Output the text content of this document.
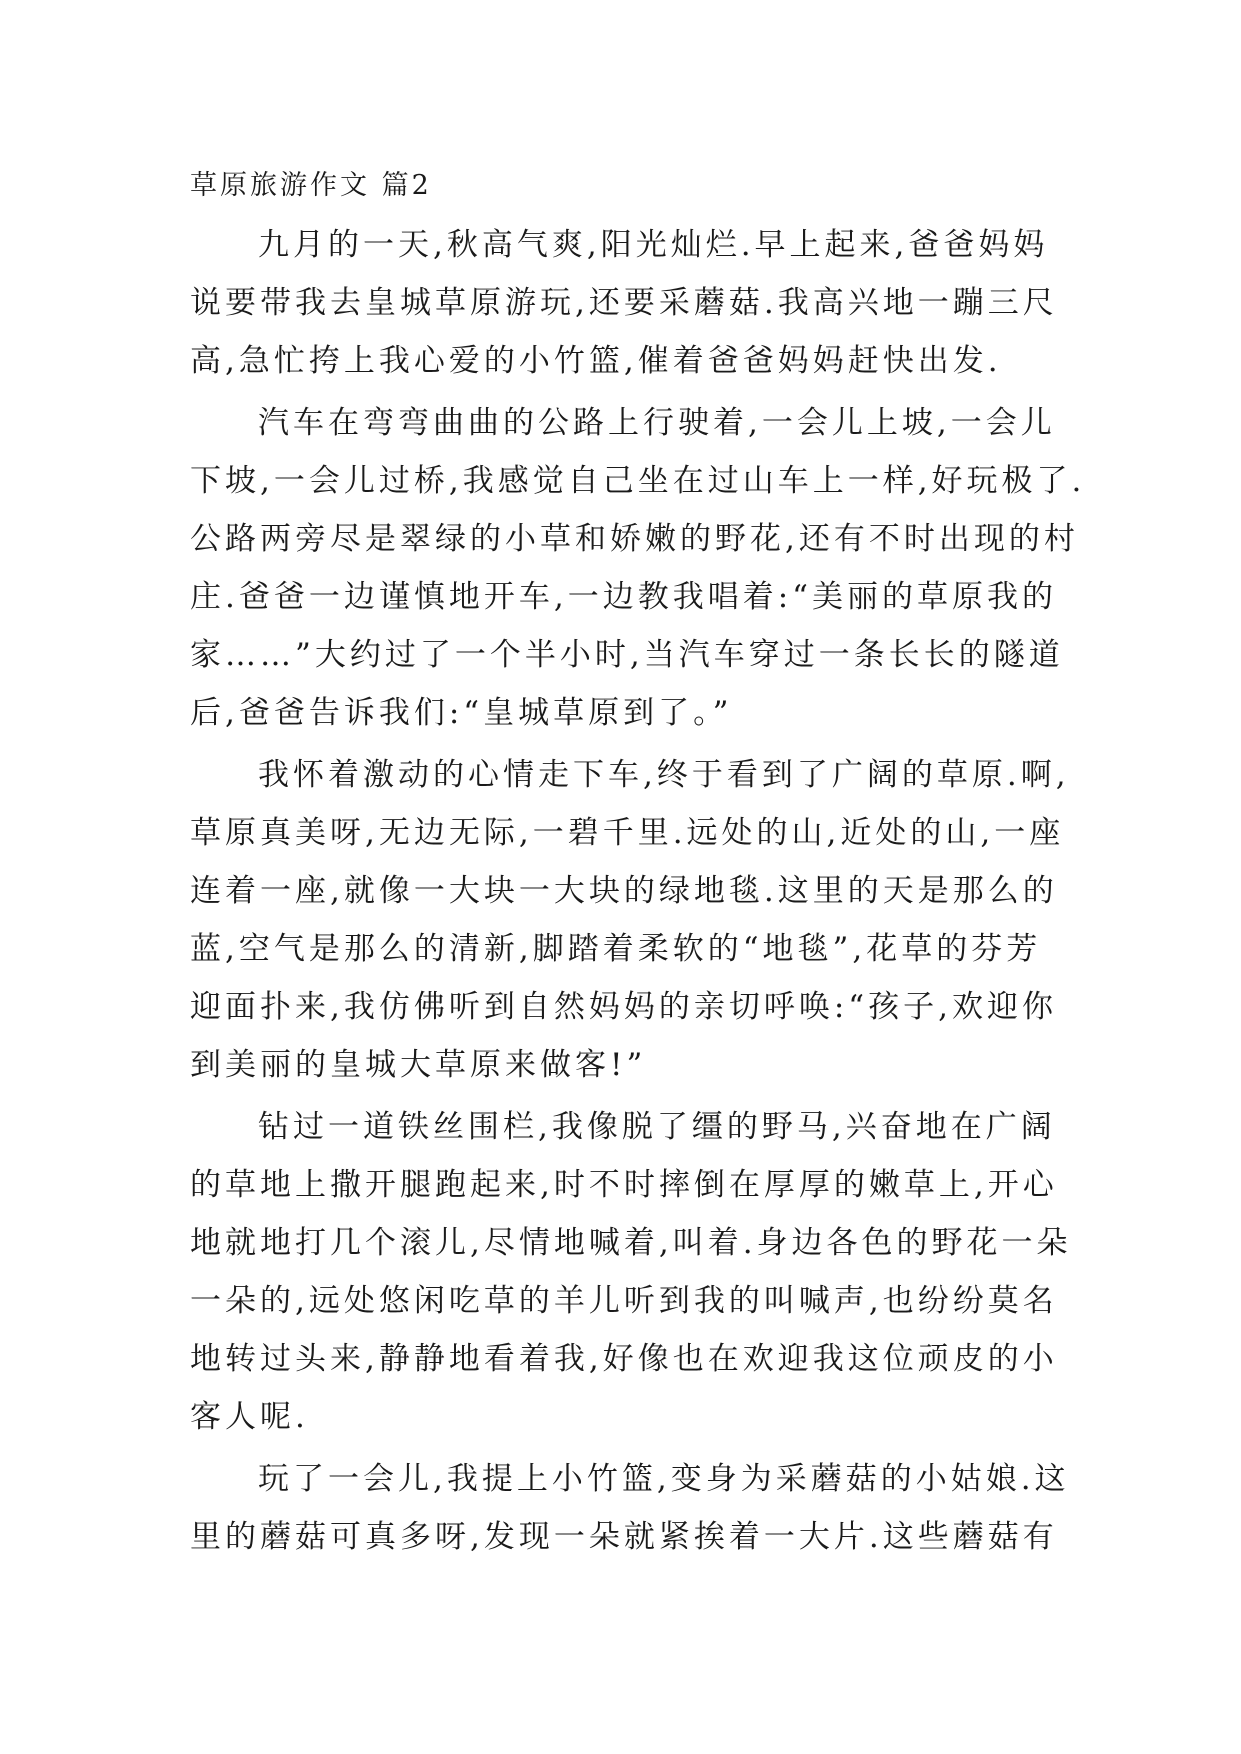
草原旅游作文 篇2

九月的一天,秋高气爽,阳光灿烂.早上起来,爸爸妈妈

说要带我去皇城草原游玩,还要采蘑菇.我高兴地一蹦三尺

高,急忙挎上我心爱的小竹篮,催着爸爸妈妈赶快出发.

汽车在弯弯曲曲的公路上行驶着,一会儿上坡,一会儿

下坡,一会儿过桥,我感觉自己坐在过山车上一样,好玩极了.

公路两旁尽是翠绿的小草和娇嫩的野花,还有不时出现的村

庄.爸爸一边谨慎地开车,一边教我唱着:“美丽的草原我的

家……”大约过了一个半小时,当汽车穿过一条长长的隧道

后,爸爸告诉我们:“皇城草原到了。”

我怀着激动的心情走下车,终于看到了广阔的草原.啊,

草原真美呀,无边无际,一碧千里.远处的山,近处的山,一座

连着一座,就像一大块一大块的绿地毯.这里的天是那么的

蓝,空气是那么的清新,脚踏着柔软的“地毯”,花草的芬芳

迎面扑来,我仿佛听到自然妈妈的亲切呼唤:“孩子,欢迎你

到美丽的皇城大草原来做客!”

钻过一道铁丝围栏,我像脱了缰的野马,兴奋地在广阔

的草地上撒开腿跑起来,时不时摔倒在厚厚的嫩草上,开心

地就地打几个滚儿,尽情地喊着,叫着.身边各色的野花一朵

一朵的,远处悠闲吃草的羊儿听到我的叫喊声,也纷纷莫名

地转过头来,静静地看着我,好像也在欢迎我这位顽皮的小

客人呢.

玩了一会儿,我提上小竹篮,变身为采蘑菇的小姑娘.这

里的蘑菇可真多呀,发现一朵就紧挨着一大片.这些蘑菇有
